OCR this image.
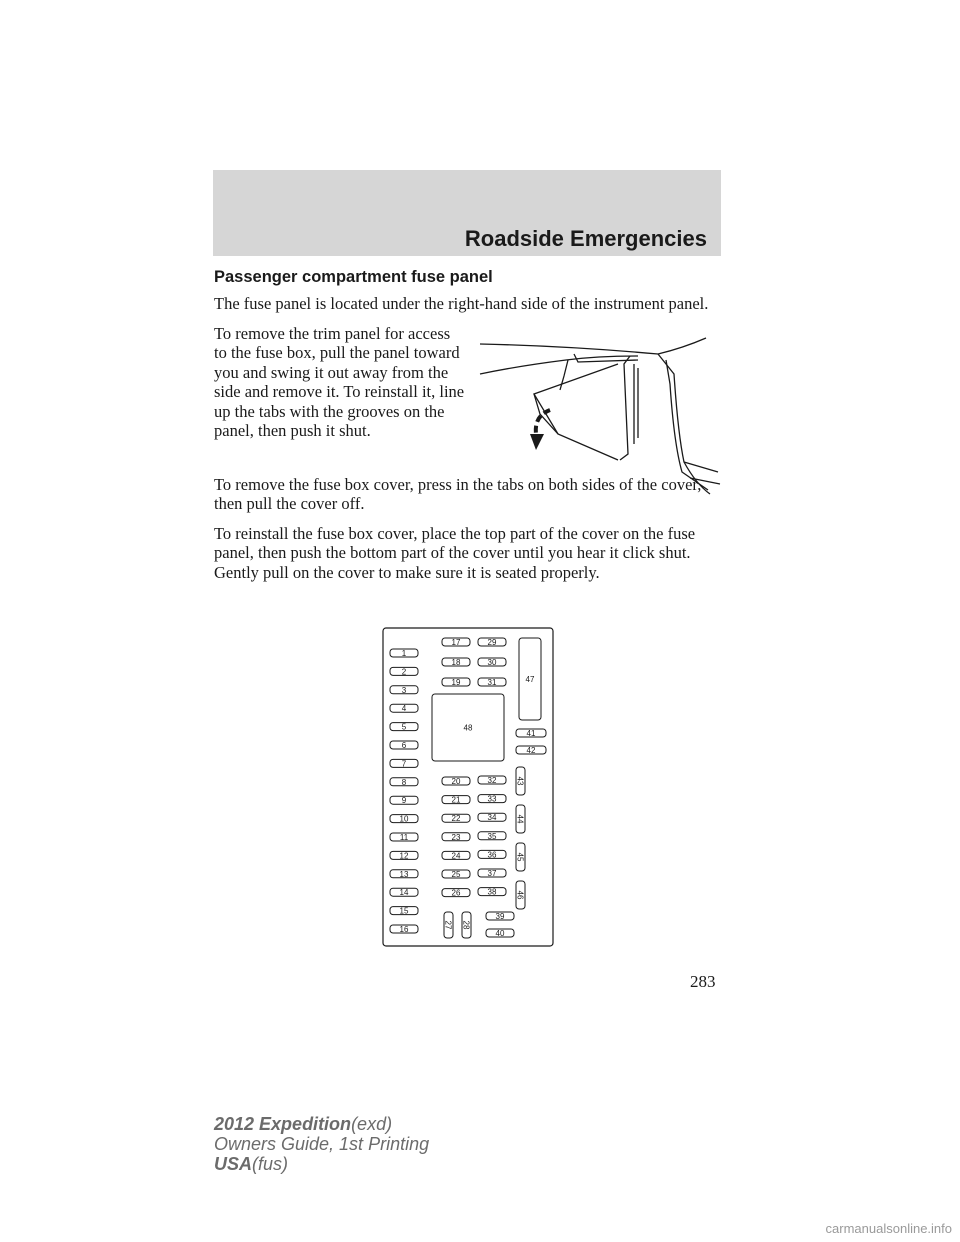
Roadside Emergencies
Passenger compartment fuse panel

The fuse panel is located under the right-hand side of the instrument panel.

To remove the trim panel for access to the fuse box, pull the panel toward you and swing it out away from the side and remove it. To reinstall it, line up the tabs with the grooves on the panel, then push it shut.

To remove the fuse box cover, press in the tabs on both sides of the cover, then pull the cover off.

To reinstall the fuse box cover, place the top part of the cover on the fuse panel, then push the bottom part of the cover until you hear it click shut. Gently pull on the cover to make sure it is seated properly.

1
2
3
4
5
6
7
8
9
10
11
12
13
14
15
16
17
18
19
29
30
31
48
47
41
42
20
21
22
23
24
25
26
32
33
34
35
36
37
38
43
44
45
46
27 28
39
40
283
2012 Expedition(exd)
Owners Guide, 1st Printing
USA(fus)
carmanualsonline.info
